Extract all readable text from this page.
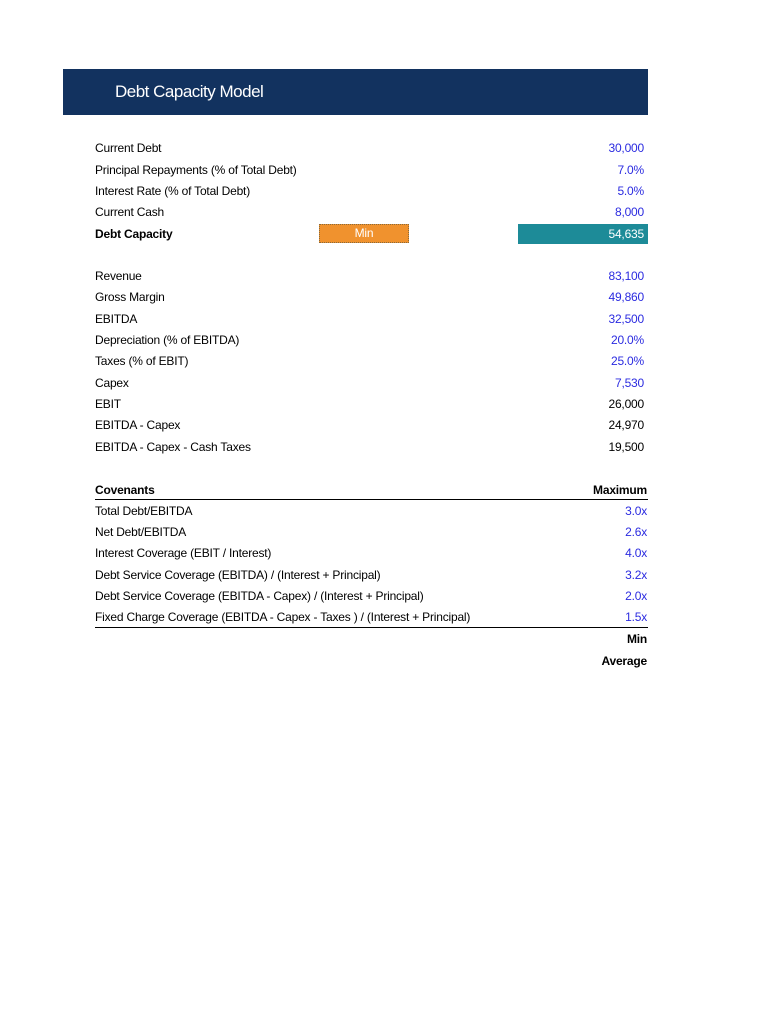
Debt Capacity Model
Current Debt	30,000
Principal Repayments (% of Total Debt)	7.0%
Interest Rate (% of Total Debt)	5.0%
Current Cash	8,000
Debt Capacity	Min	54,635
Revenue	83,100
Gross Margin	49,860
EBITDA	32,500
Depreciation (% of EBITDA)	20.0%
Taxes (% of EBIT)	25.0%
Capex	7,530
EBIT	26,000
EBITDA - Capex	24,970
EBITDA - Capex - Cash Taxes	19,500
Covenants	Maximum
Total Debt/EBITDA	3.0x
Net Debt/EBITDA	2.6x
Interest Coverage (EBIT / Interest)	4.0x
Debt Service Coverage (EBITDA) / (Interest + Principal)	3.2x
Debt Service Coverage (EBITDA - Capex) / (Interest + Principal)	2.0x
Fixed Charge Coverage (EBITDA - Capex - Taxes ) / (Interest + Principal)	1.5x
Min
Average
